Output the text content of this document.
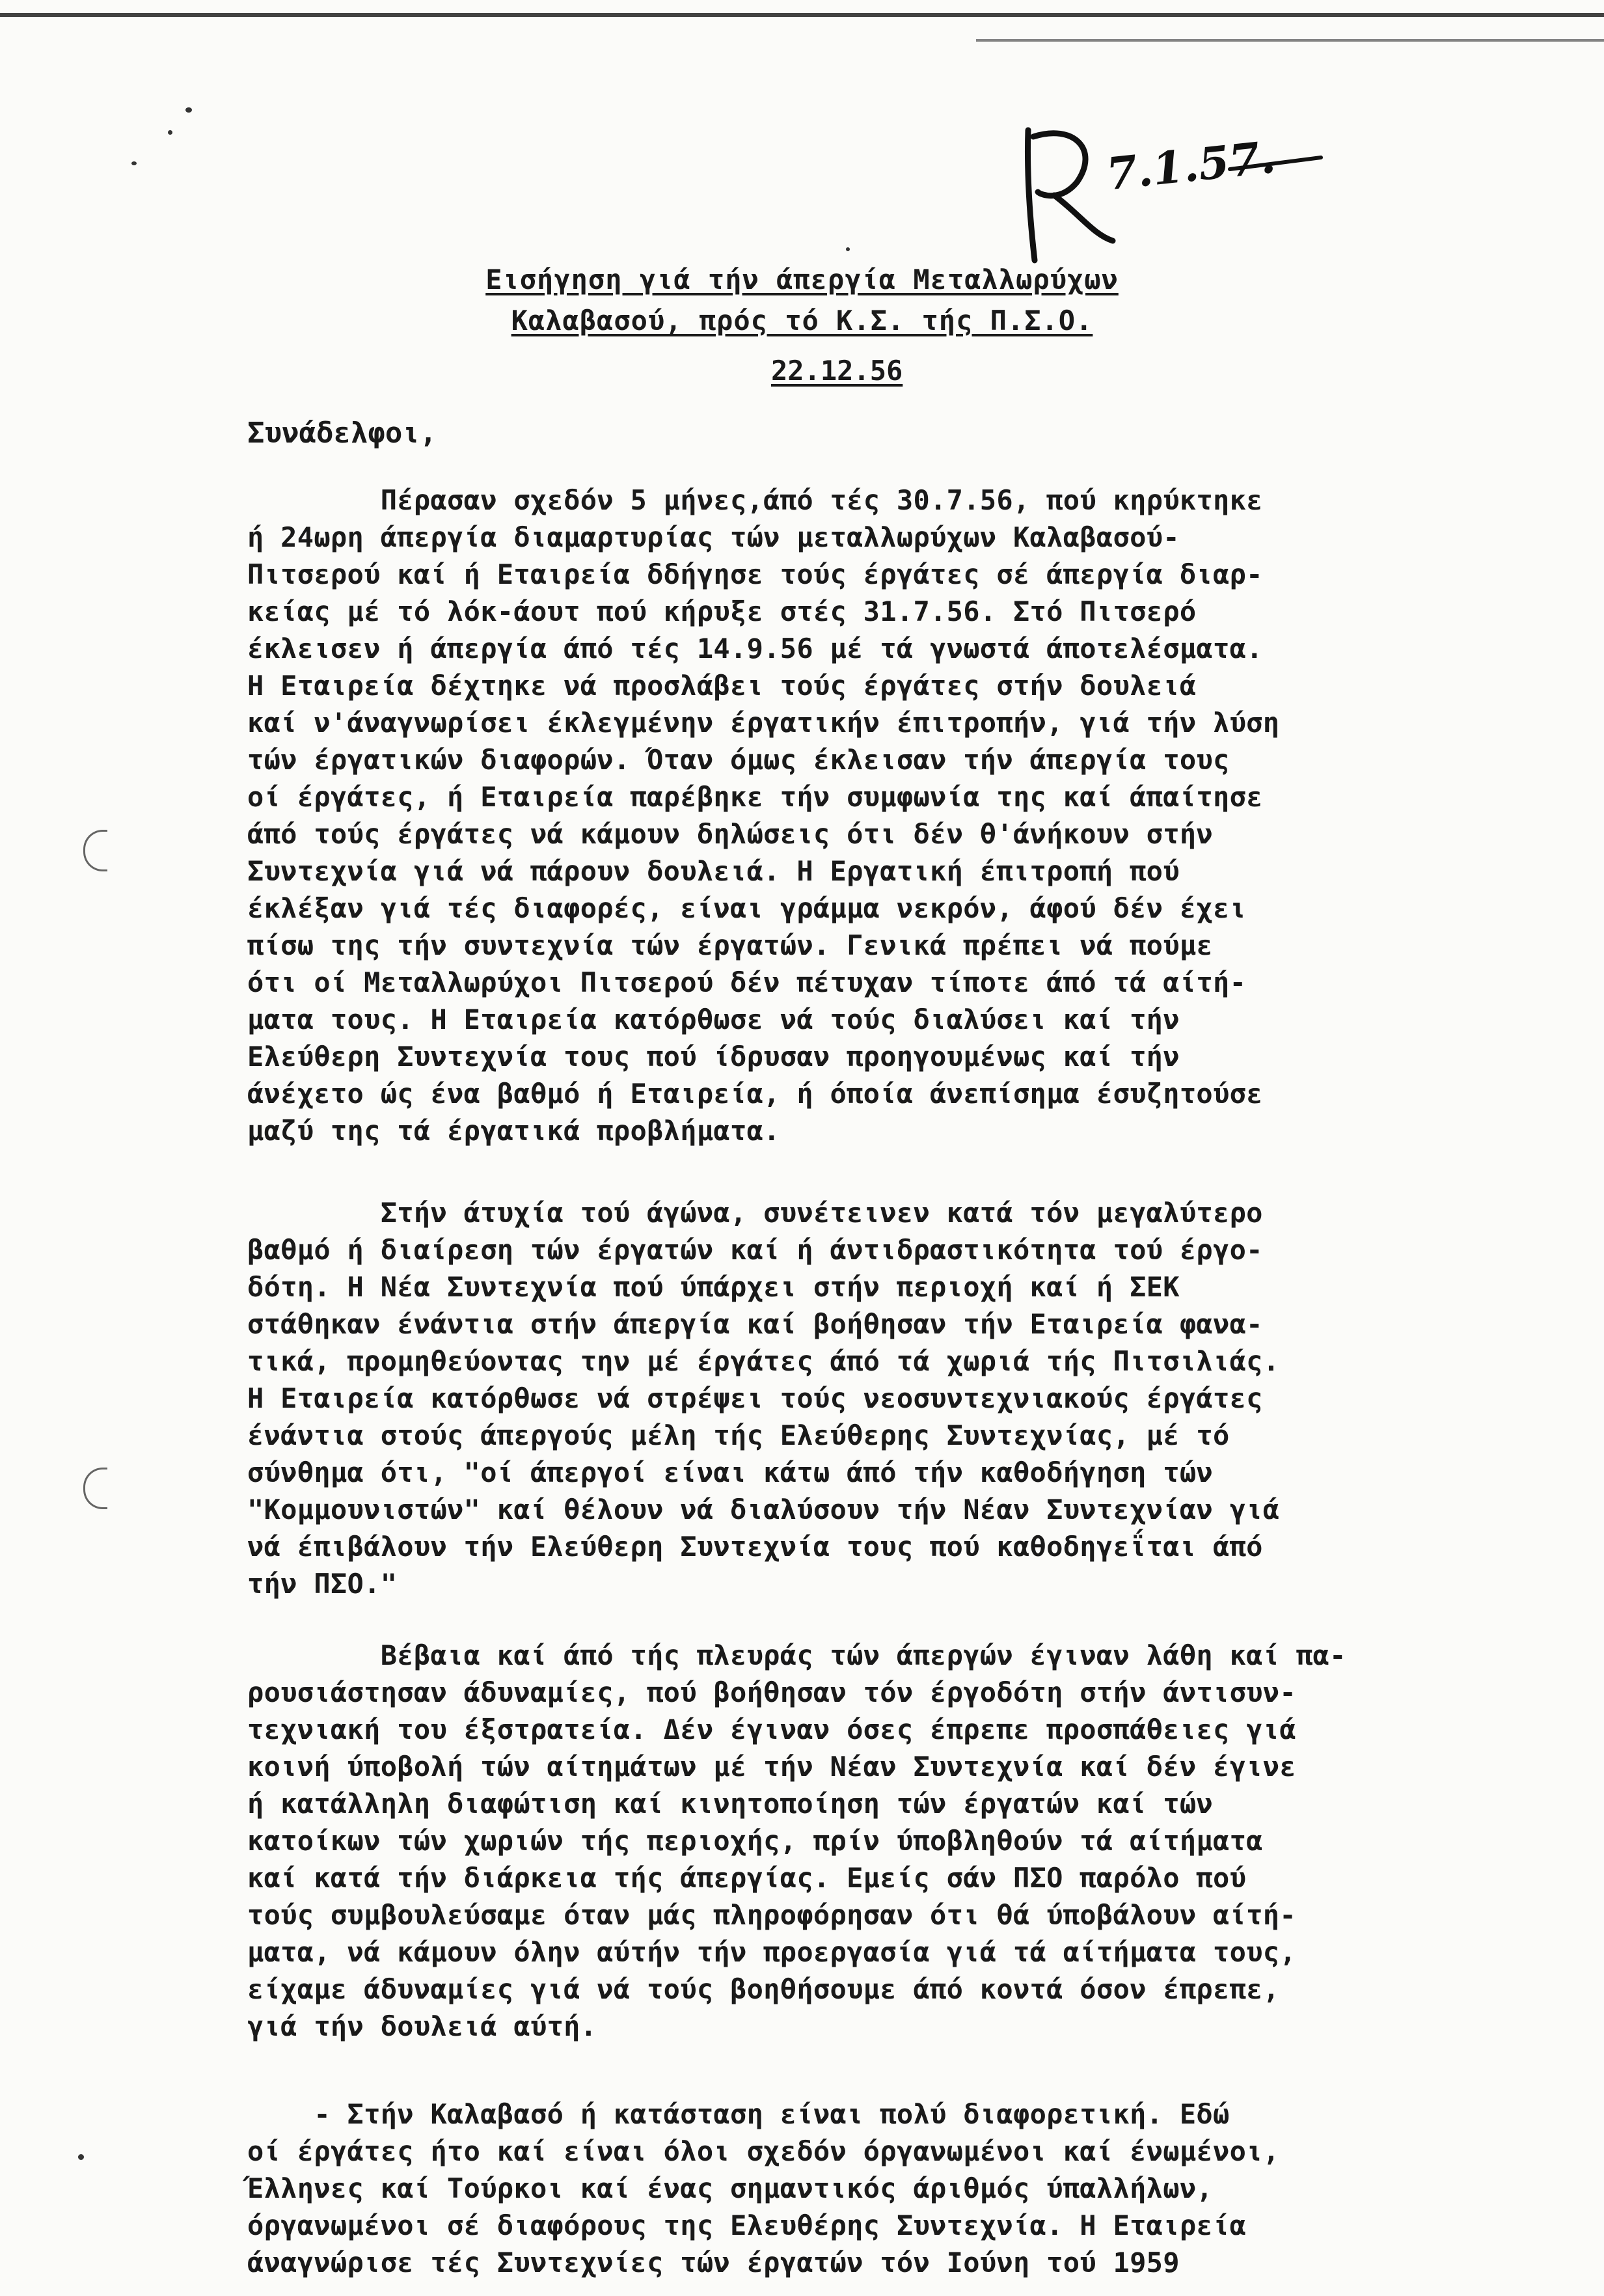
7.1.57.
Εισήγηση γιά τήν άπεργία Μεταλλωρύχων
Καλαβασού, πρός τό Κ.Σ. τής Π.Σ.Ο.
22.12.56
Συνάδελφοι,
Πέρασαν σχεδόν 5 μήνες,άπό τές 30.7.56, πού κηρύκτηκε
ή 24ωρη άπεργία διαμαρτυρίας τών μεταλλωρύχων Καλαβασού-
Πιτσερού καί ή Εταιρεία δδήγησε τούς έργάτες σέ άπεργία διαρ-
κείας μέ τό λόκ-άουτ πού κήρυξε στές 31.7.56. Στό Πιτσερό
έκλεισεν ή άπεργία άπό τές 14.9.56 μέ τά γνωστά άποτελέσματα.
Η Εταιρεία δέχτηκε νά προσλάβει τούς έργάτες στήν δουλειά
καί ν'άναγνωρίσει έκλεγμένην έργατικήν έπιτροπήν, γιά τήν λύση
τών έργατικών διαφορών. Όταν όμως έκλεισαν τήν άπεργία τους
οί έργάτες, ή Εταιρεία παρέβηκε τήν συμφωνία της καί άπαίτησε
άπό τούς έργάτες νά κάμουν δηλώσεις ότι δέν θ'άνήκουν στήν
Συντεχνία γιά νά πάρουν δουλειά. Η Εργατική έπιτροπή πού
έκλέξαν γιά τές διαφορές, είναι γράμμα νεκρόν, άφού δέν έχει
πίσω της τήν συντεχνία τών έργατών. Γενικά πρέπει νά πούμε
ότι οί Μεταλλωρύχοι Πιτσερού δέν πέτυχαν τίποτε άπό τά αίτή-
ματα τους. Η Εταιρεία κατόρθωσε νά τούς διαλύσει καί τήν
Ελεύθερη Συντεχνία τους πού ίδρυσαν προηγουμένως καί τήν
άνέχετο ώς ένα βαθμό ή Εταιρεία, ή όποία άνεπίσημα έσυζητούσε
μαζύ της τά έργατικά προβλήματα.
Στήν άτυχία τού άγώνα, συνέτεινεν κατά τόν μεγαλύτερο
βαθμό ή διαίρεση τών έργατών καί ή άντιδραστικότητα τού έργο-
δότη. Η Νέα Συντεχνία πού ύπάρχει στήν περιοχή καί ή ΣΕΚ
στάθηκαν ένάντια στήν άπεργία καί βοήθησαν τήν Εταιρεία φανα-
τικά, προμηθεύοντας την μέ έργάτες άπό τά χωριά τής Πιτσιλιάς.
Η Εταιρεία κατόρθωσε νά στρέψει τούς νεοσυντεχνιακούς έργάτες
ένάντια στούς άπεργούς μέλη τής Ελεύθερης Συντεχνίας, μέ τό
σύνθημα ότι, "οί άπεργοί είναι κάτω άπό τήν καθοδήγηση τών
"Κομμουνιστών" καί θέλουν νά διαλύσουν τήν Νέαν Συντεχνίαν γιά
νά έπιβάλουν τήν Ελεύθερη Συντεχνία τους πού καθοδηγεΐται άπό
τήν ΠΣΟ."
Βέβαια καί άπό τής πλευράς τών άπεργών έγιναν λάθη καί πα-
ρουσιάστησαν άδυναμίες, πού βοήθησαν τόν έργοδότη στήν άντισυν-
τεχνιακή του έξστρατεία. Δέν έγιναν όσες έπρεπε προσπάθειες γιά
κοινή ύποβολή τών αίτημάτων μέ τήν Νέαν Συντεχνία καί δέν έγινε
ή κατάλληλη διαφώτιση καί κινητοποίηση τών έργατών καί τών
κατοίκων τών χωριών τής περιοχής, πρίν ύποβληθούν τά αίτήματα
καί κατά τήν διάρκεια τής άπεργίας. Εμείς σάν ΠΣΟ παρόλο πού
τούς συμβουλεύσαμε όταν μάς πληροφόρησαν ότι θά ύποβάλουν αίτή-
ματα, νά κάμουν όλην αύτήν τήν προεργασία γιά τά αίτήματα τους,
είχαμε άδυναμίες γιά νά τούς βοηθήσουμε άπό κοντά όσον έπρεπε,
γιά τήν δουλειά αύτή.
- Στήν Καλαβασό ή κατάσταση είναι πολύ διαφορετική. Εδώ
οί έργάτες ήτο καί είναι όλοι σχεδόν όργανωμένοι καί ένωμένοι,
Έλληνες καί Τούρκοι καί ένας σημαντικός άριθμός ύπαλλήλων,
όργανωμένοι σέ διαφόρους της Ελευθέρης Συντεχνία. Η Εταιρεία
άναγνώρισε τές Συντεχνίες τών έργατών τόν Ιούνη τού 1959
